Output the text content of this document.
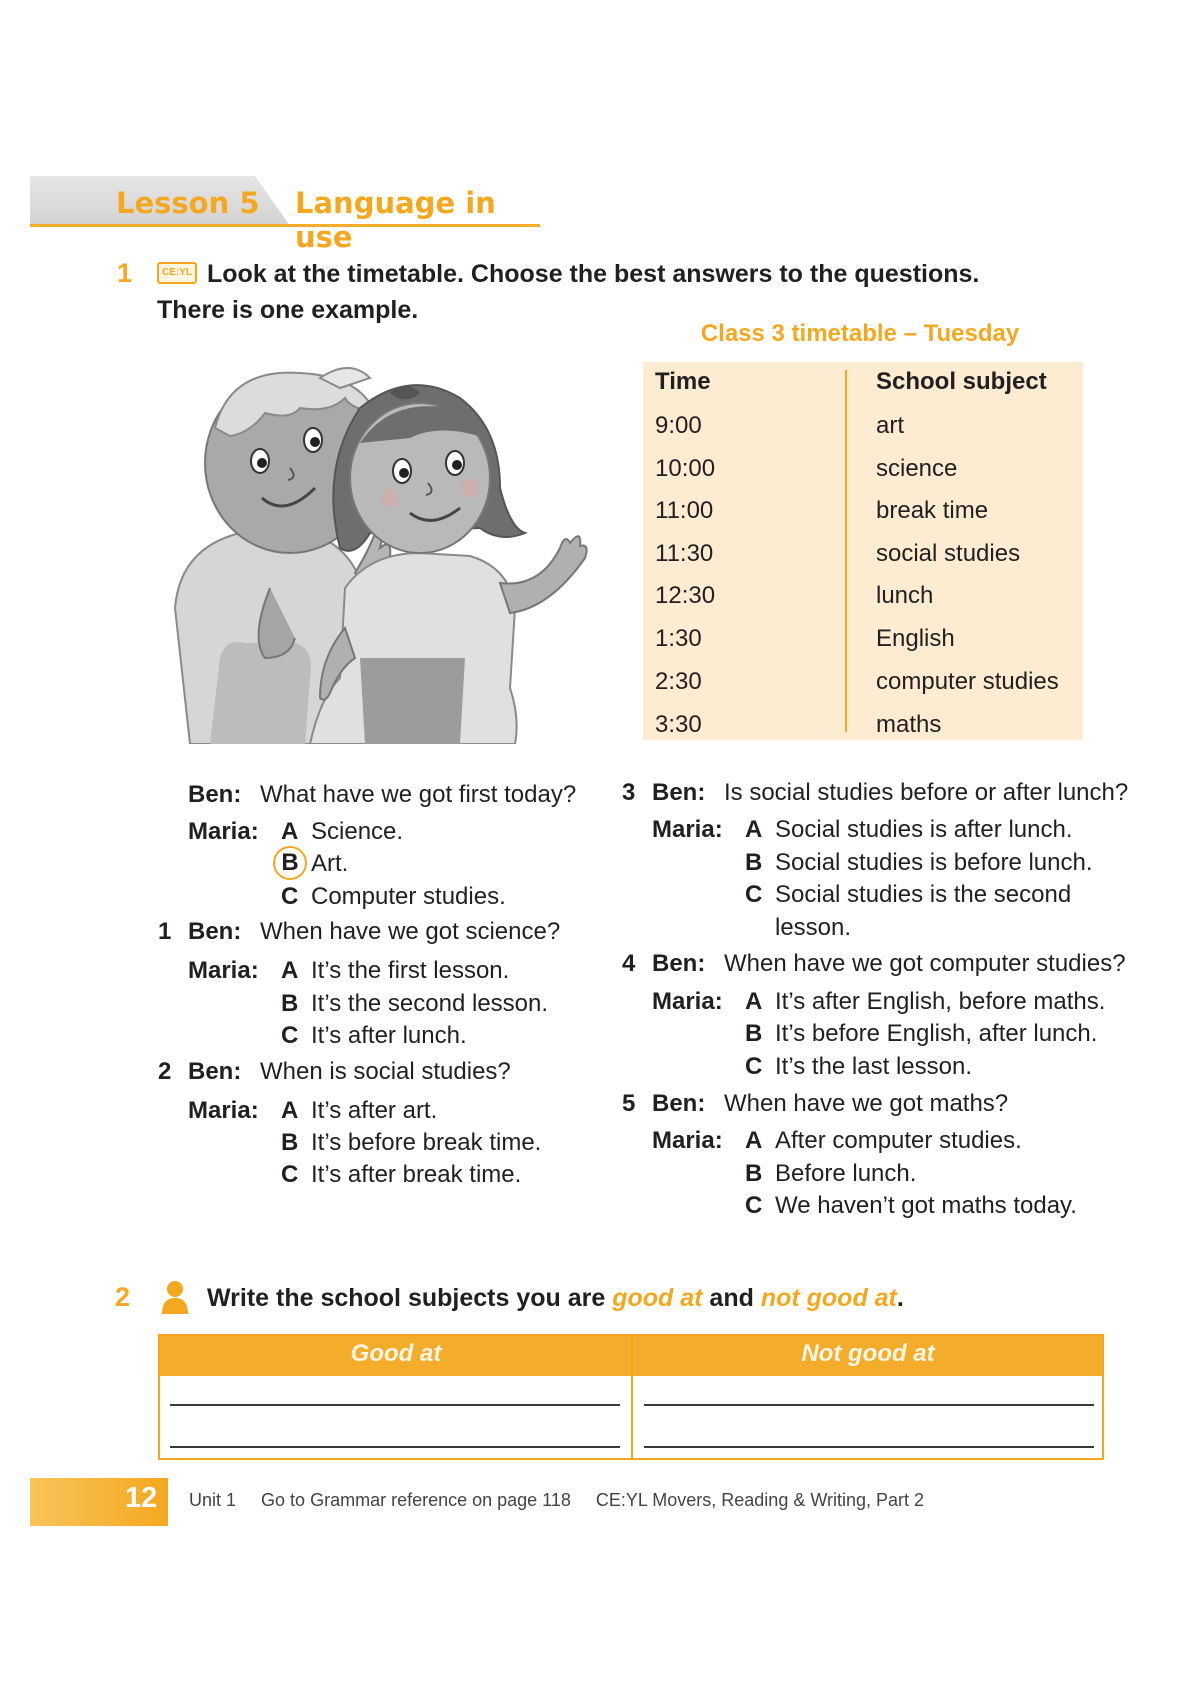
Lesson 5 Language in use
1	CE:YL Look at the timetable. Choose the best answers to the questions.
There is one example.
Class 3 timetable – Tuesday
Time	School subject
9:00	art
10:00	science
11:00	break time
11:30	social studies
12:30	lunch
1:30	English
2:30	computer studies
3:30	maths
Ben: What have we got first today?
Maria: A Science.
B Art.
C Computer studies.
1 Ben: When have we got science?
Maria: A It’s the first lesson.
B It’s the second lesson.
C It’s after lunch.
2 Ben: When is social studies?
Maria: A It’s after art.
B It’s before break time.
C It’s after break time.
3 Ben: Is social studies before or after lunch?
Maria: A Social studies is after lunch.
B Social studies is before lunch.
C Social studies is the second
lesson.
4 Ben: When have we got computer studies?
Maria: A It’s after English, before maths.
B It’s before English, after lunch.
C It’s the last lesson.
5 Ben: When have we got maths?
Maria: A After computer studies.
B Before lunch.
C We haven’t got maths today.
2	Write the school subjects you are good at and not good at.
Good at	Not good at
12 Unit 1 Go to Grammar reference on page 118 CE:YL Movers, Reading & Writing, Part 2
